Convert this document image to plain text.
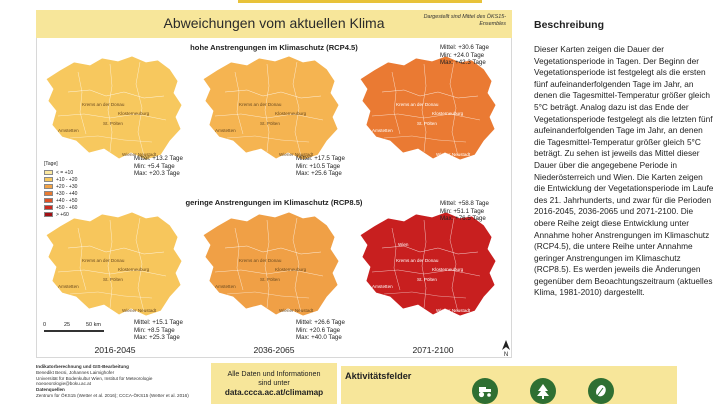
Abweichungen vom aktuellen Klima	Dargestellt sind Mittel des ÖKS15-Ensembles
hohe Anstrengungen im Klimaschutz (RCP4.5)
geringe Anstrengungen im Klimaschutz (RCP8.5)
Krems an der Donau
Klosterneuburg
St. Pölten
Amstetten
Wiener Neustadt
Krems an der Donau
Klosterneuburg
St. Pölten
Amstetten
Wiener Neustadt
Krems an der Donau
Klosterneuburg
St. Pölten
Amstetten
Wiener Neustadt
Krems an der Donau
Klosterneuburg
St. Pölten
Amstetten
Wiener Neustadt
Krems an der Donau
Klosterneuburg
St. Pölten
Amstetten
Wiener Neustadt
Krems an der Donau
Klosterneuburg
Wien
St. Pölten
Amstetten
Wiener Neustadt
Mittel: +13.2 Tage
Min: +5.4 Tage
Max: +20.3 Tage
Mittel: +17.5 Tage
Min: +10.5 Tage
Max: +25.6 Tage
Mittel: +30.6 Tage
Min: +24.0 Tage
Max: +42.3 Tage
Mittel: +15.1 Tage
Min: +8.5 Tage
Max: +25.3 Tage
Mittel: +26.6 Tage
Min: +20.6 Tage
Max: +40.0 Tage
Mittel: +58.8 Tage
Min: +51.1 Tage
Max: +76.5 Tage
2016-2045	2036-2065	2071-2100
[Tage]
< = +10
+10 - +20
+20 - +30
+30 - +40
+40 - +50
+50 - +60
> +60
0	25	50 km
N
Beschreibung
Dieser Karten zeigen die Dauer der Vegetationsperiode in Tagen. Der Beginn der Vegetationsperiode ist festgelegt als die ersten fünf aufeinanderfolgenden Tage im Jahr, an denen die Tagesmittel-Temperatur größer gleich 5°C beträgt. Analog dazu ist das Ende der Vegetationsperiode festgelegt als die letzten fünf aufeinanderfolgenden Tage im Jahr, an denen die Tagesmittel-Temperatur größer gleich 5°C beträgt. Zu sehen ist jeweils das Mittel dieser Dauer über die angegebene Periode in Niederösterreich und Wien. Die Karten zeigen die Entwicklung der Vegetationsperiode im Laufe des 21. Jahrhunderts, und zwar für die Perioden 2016-2045, 2036-2065 und 2071-2100. Die obere Reihe zeigt diese Entwicklung unter Annahme hoher Anstrengungen im Klimaschutz (RCP4.5), die untere Reihe unter Annahme geringer Anstrengungen im Klimaschutz (RCP8.5). Es werden jeweils die Änderungen gegenüber dem Beoachtungszeitraum (aktuelles Klima, 1981-2010) dargestellt.
Indikatorberechnung und GIS-Bearbeitung
Benedikt Becsi, Johannes Laimighofer
Universität für Bodenkultur Wien, Institut für Meteorologie
noeoeorologie@boku.ac.at
Datenquellen
Zentrum für ÖKS15 (Wetter et al. 2016); CCCA-ÖKS15 (Wetter et al. 2016)
Alle Daten und Informationen
sind unter
data.ccca.ac.at/climamap
Aktivitätsfelder
